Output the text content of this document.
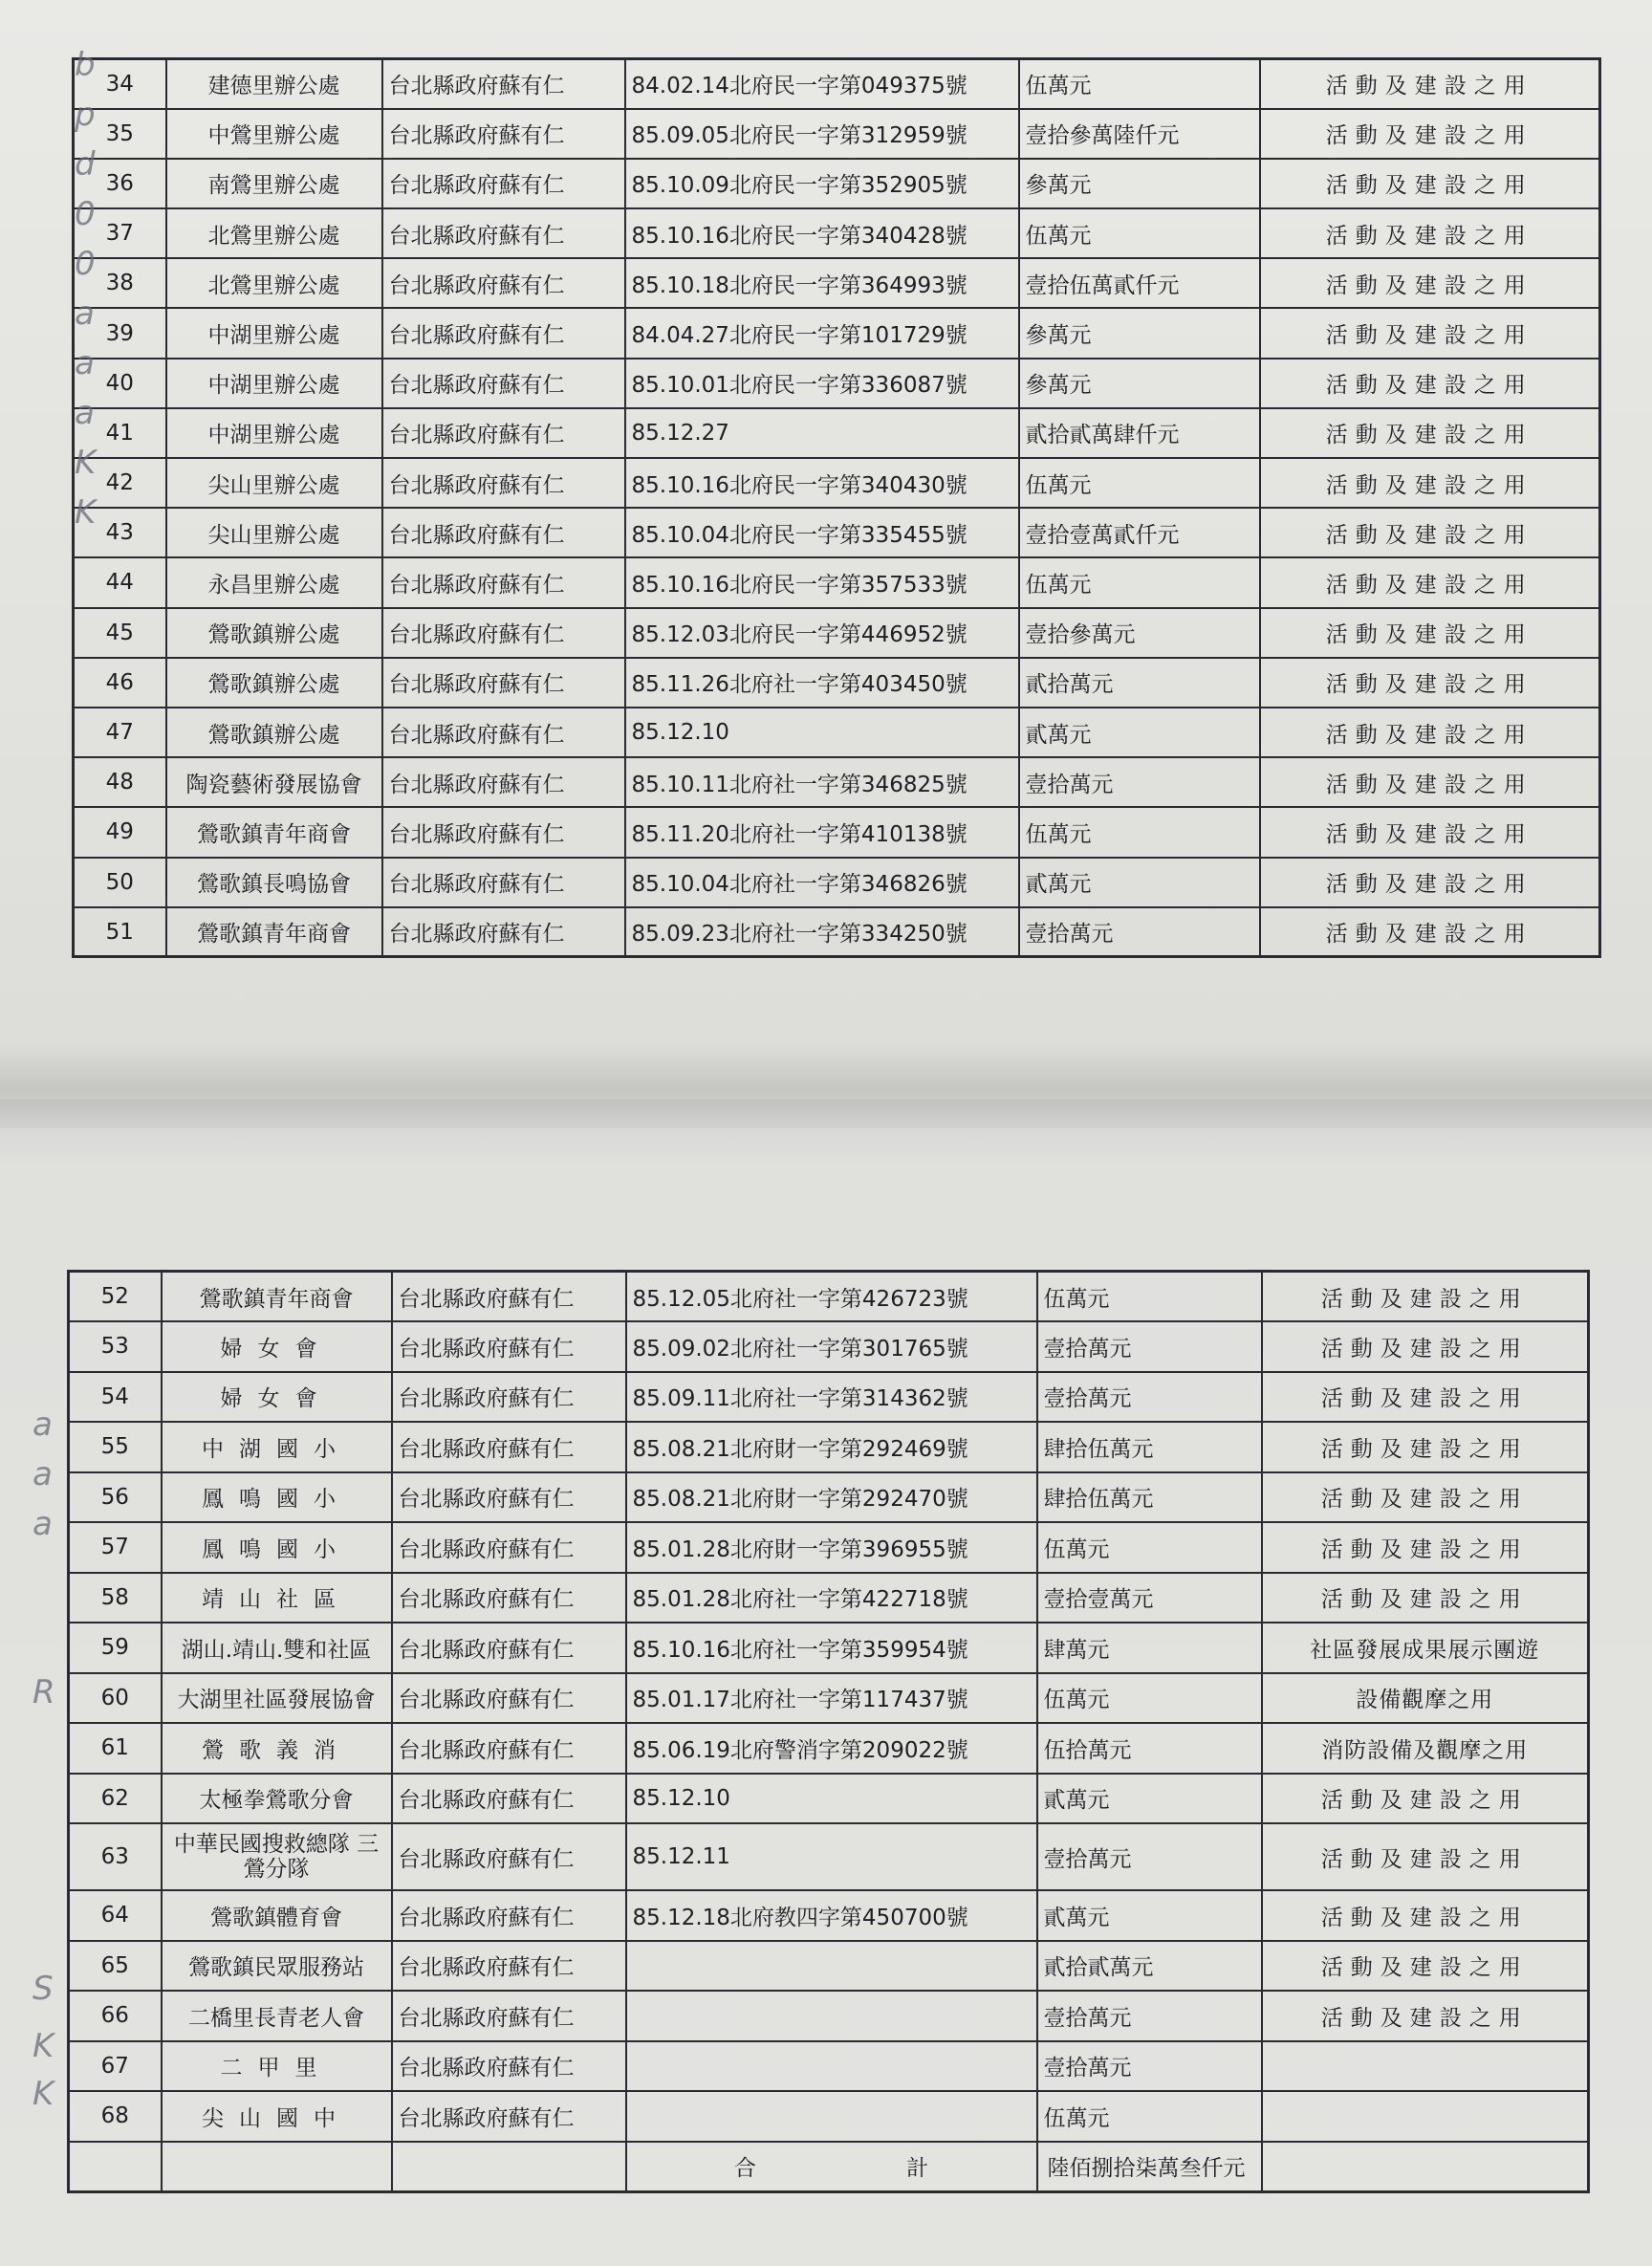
34	建德里辦公處	台北縣政府蘇有仁	84.02.14北府民一字第049375號	伍萬元	活動及建設之用
35	中鶯里辦公處	台北縣政府蘇有仁	85.09.05北府民一字第312959號	壹拾參萬陸仟元	活動及建設之用
36	南鶯里辦公處	台北縣政府蘇有仁	85.10.09北府民一字第352905號	參萬元	活動及建設之用
37	北鶯里辦公處	台北縣政府蘇有仁	85.10.16北府民一字第340428號	伍萬元	活動及建設之用
38	北鶯里辦公處	台北縣政府蘇有仁	85.10.18北府民一字第364993號	壹拾伍萬貳仟元	活動及建設之用
39	中湖里辦公處	台北縣政府蘇有仁	84.04.27北府民一字第101729號	參萬元	活動及建設之用
40	中湖里辦公處	台北縣政府蘇有仁	85.10.01北府民一字第336087號	參萬元	活動及建設之用
41	中湖里辦公處	台北縣政府蘇有仁	85.12.27	貳拾貳萬肆仟元	活動及建設之用
42	尖山里辦公處	台北縣政府蘇有仁	85.10.16北府民一字第340430號	伍萬元	活動及建設之用
43	尖山里辦公處	台北縣政府蘇有仁	85.10.04北府民一字第335455號	壹拾壹萬貳仟元	活動及建設之用
44	永昌里辦公處	台北縣政府蘇有仁	85.10.16北府民一字第357533號	伍萬元	活動及建設之用
45	鶯歌鎮辦公處	台北縣政府蘇有仁	85.12.03北府民一字第446952號	壹拾參萬元	活動及建設之用
46	鶯歌鎮辦公處	台北縣政府蘇有仁	85.11.26北府社一字第403450號	貳拾萬元	活動及建設之用
47	鶯歌鎮辦公處	台北縣政府蘇有仁	85.12.10	貳萬元	活動及建設之用
48	陶瓷藝術發展協會	台北縣政府蘇有仁	85.10.11北府社一字第346825號	壹拾萬元	活動及建設之用
49	鶯歌鎮青年商會	台北縣政府蘇有仁	85.11.20北府社一字第410138號	伍萬元	活動及建設之用
50	鶯歌鎮長鳴協會	台北縣政府蘇有仁	85.10.04北府社一字第346826號	貳萬元	活動及建設之用
51	鶯歌鎮青年商會	台北縣政府蘇有仁	85.09.23北府社一字第334250號	壹拾萬元	活動及建設之用
52	鶯歌鎮青年商會	台北縣政府蘇有仁	85.12.05北府社一字第426723號	伍萬元	活動及建設之用
53	婦女會	台北縣政府蘇有仁	85.09.02北府社一字第301765號	壹拾萬元	活動及建設之用
54	婦女會	台北縣政府蘇有仁	85.09.11北府社一字第314362號	壹拾萬元	活動及建設之用
55	中湖國小	台北縣政府蘇有仁	85.08.21北府財一字第292469號	肆拾伍萬元	活動及建設之用
56	鳳鳴國小	台北縣政府蘇有仁	85.08.21北府財一字第292470號	肆拾伍萬元	活動及建設之用
57	鳳鳴國小	台北縣政府蘇有仁	85.01.28北府財一字第396955號	伍萬元	活動及建設之用
58	靖山社區	台北縣政府蘇有仁	85.01.28北府社一字第422718號	壹拾壹萬元	活動及建設之用
59	湖山.靖山.雙和社區	台北縣政府蘇有仁	85.10.16北府社一字第359954號	肆萬元	社區發展成果展示團遊
60	大湖里社區發展協會	台北縣政府蘇有仁	85.01.17北府社一字第117437號	伍萬元	設備觀摩之用
61	鶯歌義消	台北縣政府蘇有仁	85.06.19北府警消字第209022號	伍拾萬元	消防設備及觀摩之用
62	太極拳鶯歌分會	台北縣政府蘇有仁	85.12.10	貳萬元	活動及建設之用
63	中華民國搜救總隊 三鶯分隊	台北縣政府蘇有仁	85.12.11	壹拾萬元	活動及建設之用
64	鶯歌鎮體育會	台北縣政府蘇有仁	85.12.18北府教四字第450700號	貳萬元	活動及建設之用
65	鶯歌鎮民眾服務站	台北縣政府蘇有仁		貳拾貳萬元	活動及建設之用
66	二橋里長青老人會	台北縣政府蘇有仁		壹拾萬元	活動及建設之用
67	二甲里	台北縣政府蘇有仁		壹拾萬元	
68	尖山國中	台北縣政府蘇有仁		伍萬元	
			合 計	陸佰捌拾柒萬叁仟元	
b
p
d
0
0
a
a
a
K
K
a
a
a
R
S
K
K
